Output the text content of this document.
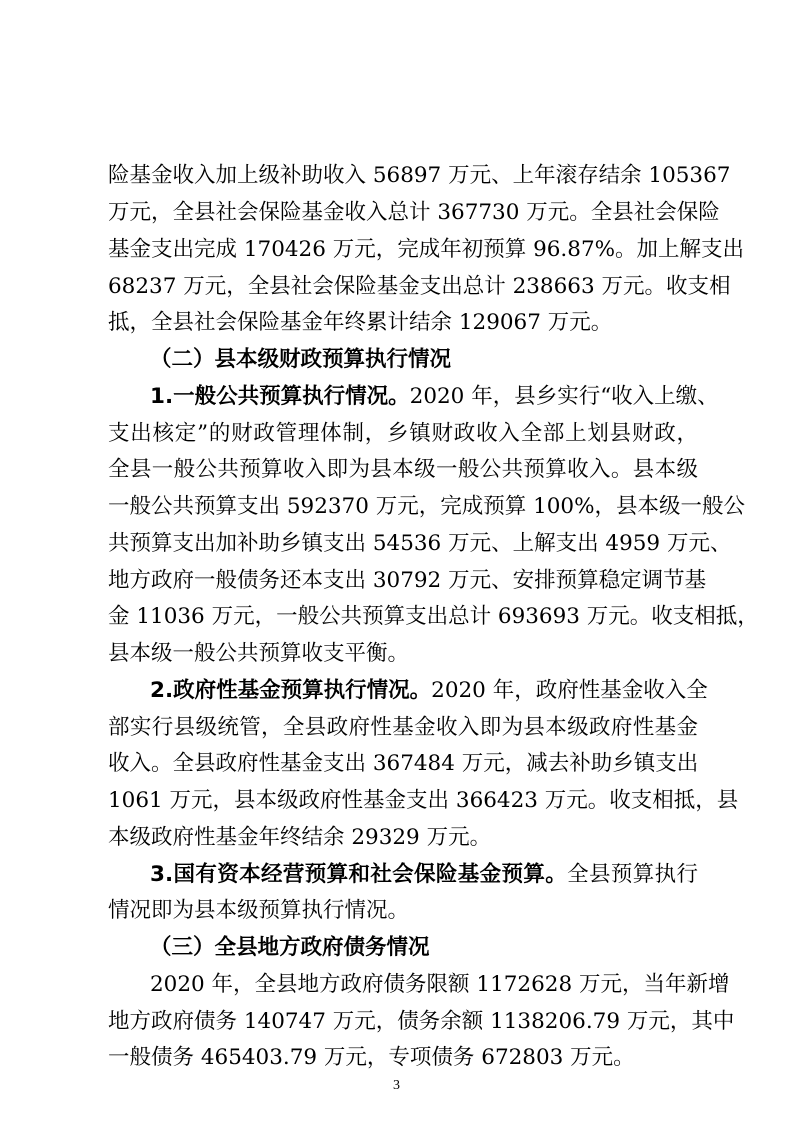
险基金收入加上级补助收入 56897 万元、上年滚存结余 105367
万元，全县社会保险基金收入总计 367730 万元。全县社会保险
基金支出完成 170426 万元，完成年初预算 96.87%。加上解支出
68237 万元，全县社会保险基金支出总计 238663 万元。收支相
抵，全县社会保险基金年终累计结余 129067 万元。
（二）县本级财政预算执行情况
1.一般公共预算执行情况。2020 年，县乡实行“收入上缴、
支出核定”的财政管理体制，乡镇财政收入全部上划县财政，
全县一般公共预算收入即为县本级一般公共预算收入。县本级
一般公共预算支出 592370 万元，完成预算 100%，县本级一般公
共预算支出加补助乡镇支出 54536 万元、上解支出 4959 万元、
地方政府一般债务还本支出 30792 万元、安排预算稳定调节基
金 11036 万元，一般公共预算支出总计 693693 万元。收支相抵，
县本级一般公共预算收支平衡。
2.政府性基金预算执行情况。2020 年，政府性基金收入全
部实行县级统管，全县政府性基金收入即为县本级政府性基金
收入。全县政府性基金支出 367484 万元，减去补助乡镇支出
1061 万元，县本级政府性基金支出 366423 万元。收支相抵，县
本级政府性基金年终结余 29329 万元。
3.国有资本经营预算和社会保险基金预算。全县预算执行
情况即为县本级预算执行情况。
（三）全县地方政府债务情况
2020 年，全县地方政府债务限额 1172628 万元，当年新增
地方政府债务 140747 万元，债务余额 1138206.79 万元，其中
一般债务 465403.79 万元，专项债务 672803 万元。
3
